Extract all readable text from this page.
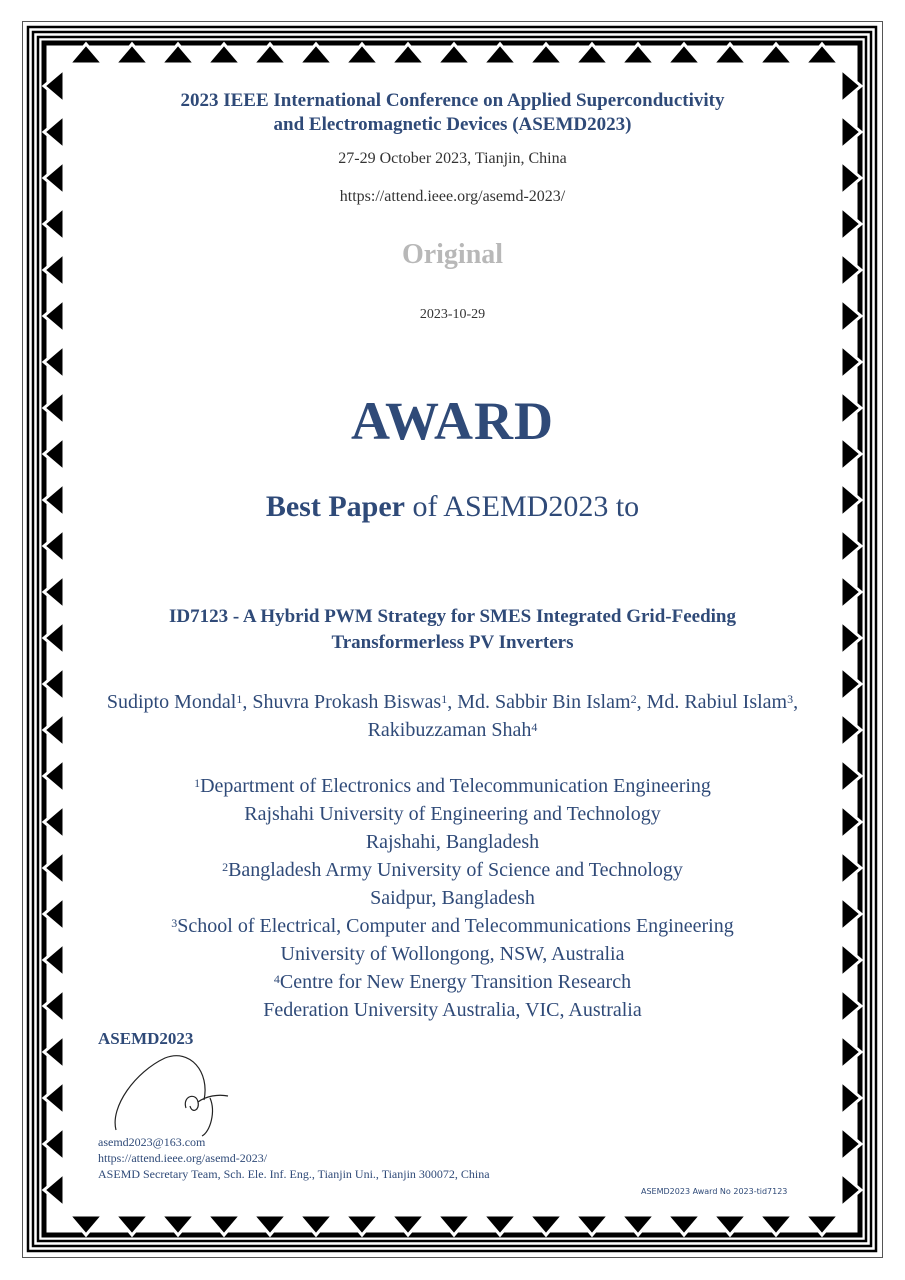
2023 IEEE International Conference on Applied Superconductivity
and Electromagnetic Devices (ASEMD2023)
27-29 October 2023, Tianjin, China
https://attend.ieee.org/asemd-2023/
Original
2023-10-29
AWARD
Best Paper of ASEMD2023 to
ID7123 - A Hybrid PWM Strategy for SMES Integrated Grid-Feeding
Transformerless PV Inverters
Sudipto Mondal$^1$, Shuvra Prokash Biswas$^1$, Md. Sabbir Bin Islam$^2$, Md. Rabiul Islam$^3$, Rakibuzzaman Shah$^4$
$^1$Department of Electronics and Telecommunication Engineering
Rajshahi University of Engineering and Technology
Rajshahi, Bangladesh
$^2$Bangladesh Army University of Science and Technology
Saidpur, Bangladesh
$^3$School of Electrical, Computer and Telecommunications Engineering
University of Wollongong, NSW, Australia
$^4$Centre for New Energy Transition Research
Federation University Australia, VIC, Australia
ASEMD2023
asemd2023@163.com
https://attend.ieee.org/asemd-2023/
ASEMD Secretary Team, Sch. Ele. Inf. Eng., Tianjin Uni., Tianjin 300072, China
ASEMD2023 Award No 2023-tid7123
